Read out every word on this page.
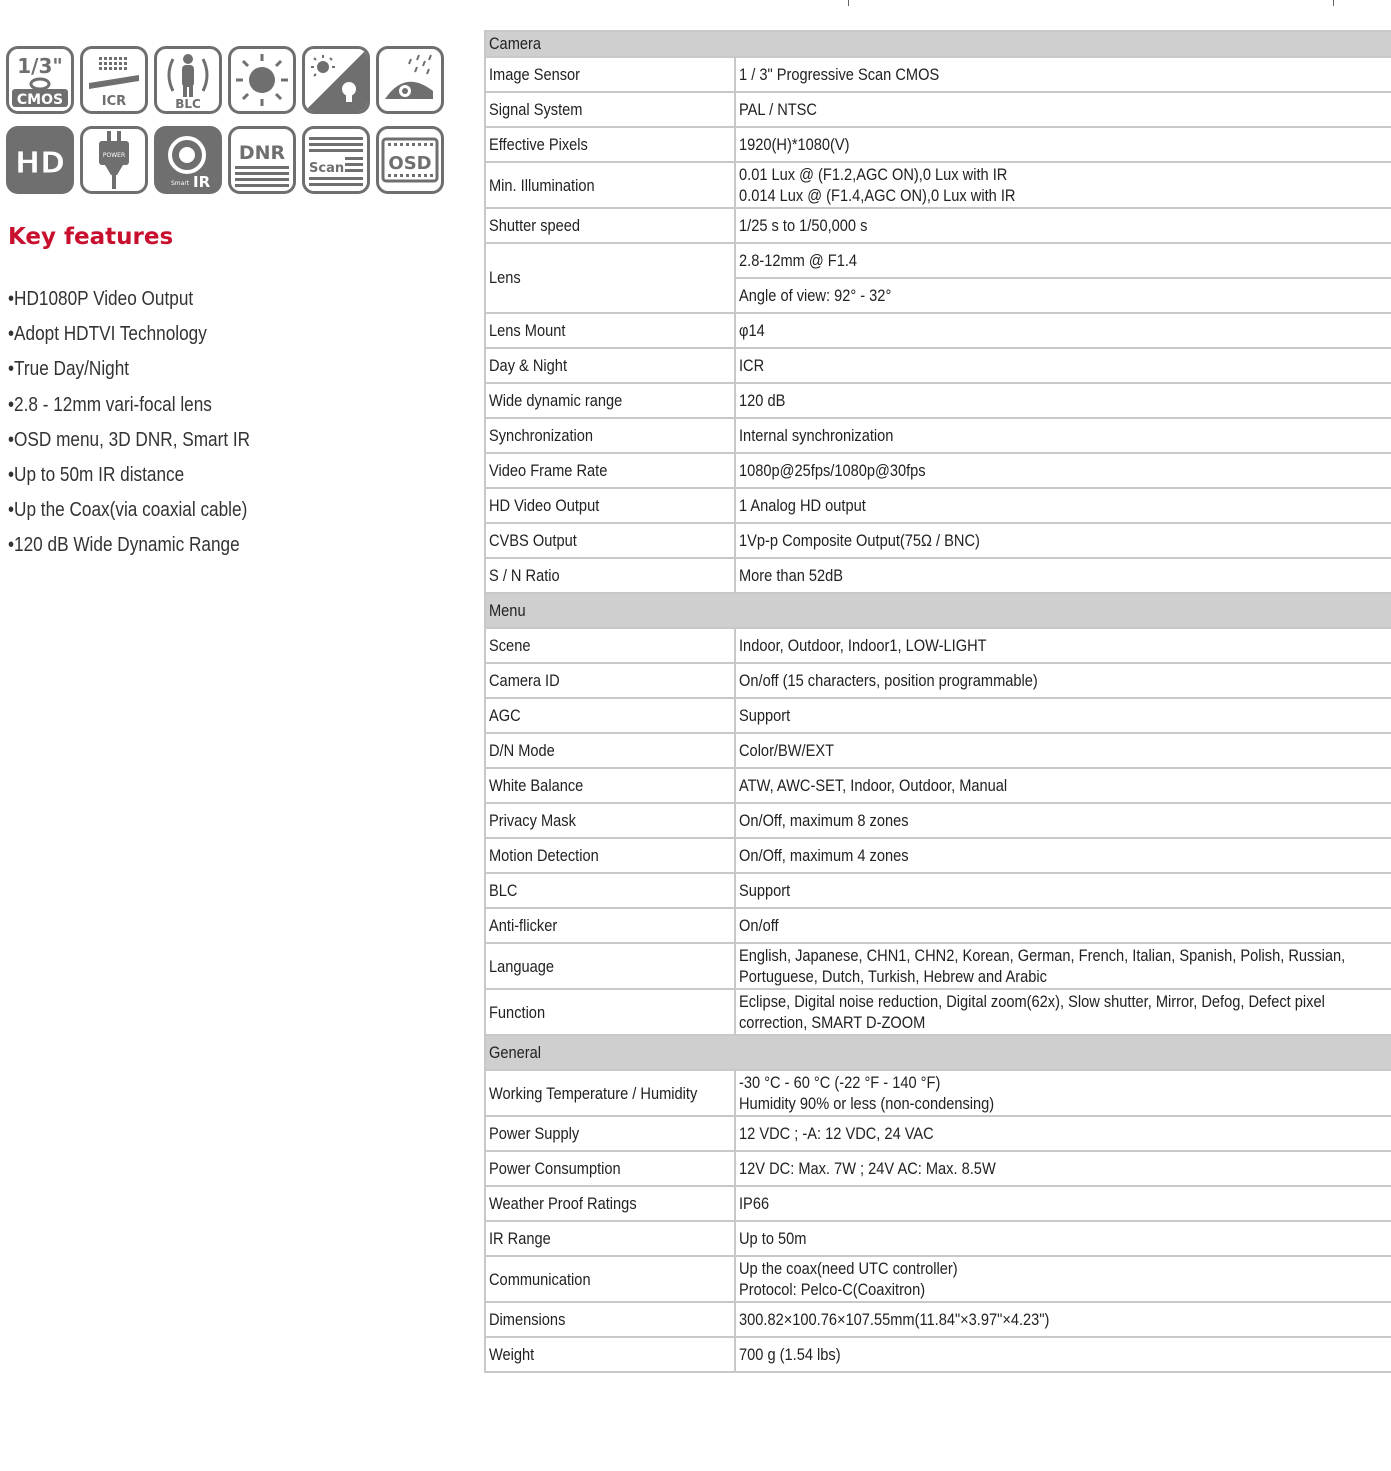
1/3"
CMOS	ICR	BLC
HD	POWER
Smart IR
DNR
Scan OSD
Key features
• HD1080P Video Output
• Adopt HDTVI Technology
• True Day/Night
• 2.8 - 12mm vari-focal lens
• OSD menu, 3D DNR, Smart IR
• Up to 50m IR distance
• Up the Coax(via coaxial cable)
• 120 dB Wide Dynamic Range
Camera	
Image Sensor	1 / 3" Progressive Scan CMOS
Signal System	PAL / NTSC
Effective Pixels	1920(H)*1080(V)
Min. Illumination	0.01 Lux @ (F1.2,AGC ON),0 Lux with IR
0.014 Lux @ (F1.4,AGC ON),0 Lux with IR

Shutter speed	1/25 s to 1/50,000 s
Lens	2.8-12mm @ F1.4
	Angle of view: 92° - 32°
Lens Mount	φ14
Day & Night	ICR
Wide dynamic range	120 dB
Synchronization	Internal synchronization
Video Frame Rate	1080p@25fps/1080p@30fps
HD Video Output	1 Analog HD output
CVBS Output	1Vp-p Composite Output(75Ω / BNC)
S / N Ratio	More than 52dB
Menu	
Scene	Indoor, Outdoor, Indoor1, LOW-LIGHT
Camera ID	On/off (15 characters, position programmable)
AGC	Support
D/N Mode	Color/BW/EXT
White Balance	ATW, AWC-SET, Indoor, Outdoor, Manual
Privacy Mask	On/Off, maximum 8 zones
Motion Detection	On/Off, maximum 4 zones
BLC	Support
Anti-flicker	On/off
Language	English, Japanese, CHN1, CHN2, Korean, German, French, Italian, Spanish, Polish, Russian,
Portuguese, Dutch, Turkish, Hebrew and Arabic

Function	Eclipse, Digital noise reduction, Digital zoom(62x), Slow shutter, Mirror, Defog, Defect pixel
correction, SMART D-ZOOM

General	
Working Temperature / Humidity	-30 °C - 60 °C (-22 °F - 140 °F)
Humidity 90% or less (non-condensing)

Power Supply	12 VDC ; -A: 12 VDC, 24 VAC
Power Consumption	12V DC: Max. 7W ; 24V AC: Max. 8.5W
Weather Proof Ratings	IP66
IR Range	Up to 50m
Communication	Up the coax(need UTC controller)
Protocol: Pelco-C(Coaxitron)

Dimensions	300.82×100.76×107.55mm(11.84"×3.97"×4.23")
Weight	700 g (1.54 lbs)
